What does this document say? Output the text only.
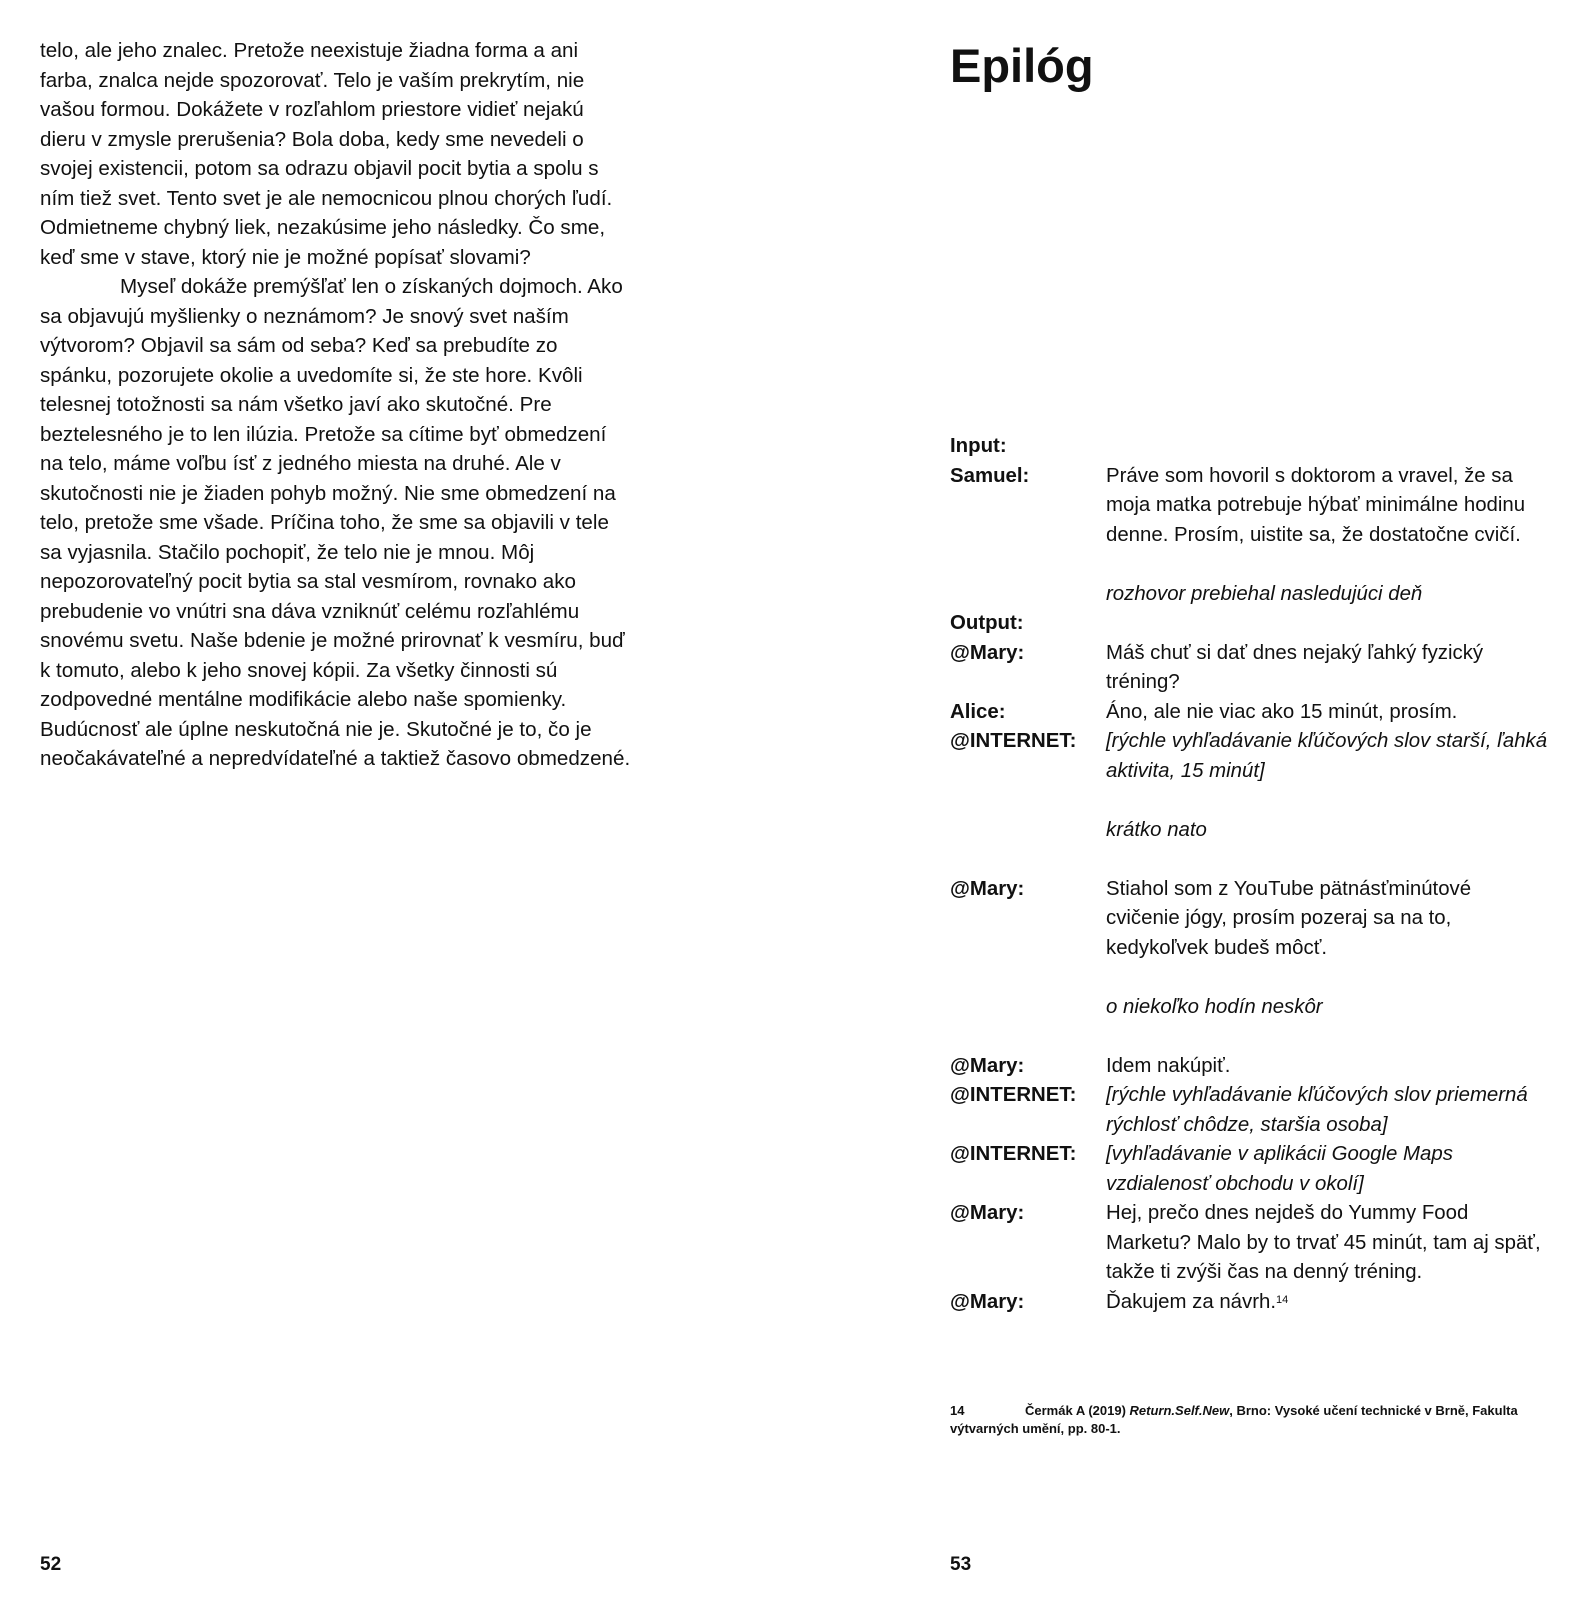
telo, ale jeho znalec. Pretože neexistuje žiadna forma a ani farba, znalca nejde spozorovať. Telo je vaším prekrytím, nie vašou formou. Dokážete v rozľahlom priestore vidieť nejakú dieru v zmysle prerušenia? Bola doba, kedy sme nevedeli o svojej existencii, potom sa odrazu objavil pocit bytia a spolu s ním tiež svet. Tento svet je ale nemocnicou plnou chorých ľudí. Odmietneme chybný liek, nezakúsime jeho následky. Čo sme, keď sme v stave, ktorý nie je možné popísať slovami?

Myseľ dokáže premýšľať len o získaných dojmoch. Ako sa objavujú myšlienky o neznámom? Je snový svet naším výtvorom? Objavil sa sám od seba? Keď sa prebudíte zo spánku, pozorujete okolie a uvedomíte si, že ste hore. Kvôli telesnej totožnosti sa nám všetko javí ako skutočné. Pre beztelesného je to len ilúzia. Pretože sa cítime byť obmedzení na telo, máme voľbu ísť z jedného miesta na druhé. Ale v skutočnosti nie je žiaden pohyb možný. Nie sme obmedzení na telo, pretože sme všade. Príčina toho, že sme sa objavili v tele sa vyjasnila. Stačilo pochopiť, že telo nie je mnou. Môj nepozorovateľný pocit bytia sa stal vesmírom, rovnako ako prebudenie vo vnútri sna dáva vzniknúť celému rozľahlému snovému svetu. Naše bdenie je možné prirovnať k vesmíru, buď k tomuto, alebo k jeho snovej kópii. Za všetky činnosti sú zodpovedné mentálne modifikácie alebo naše spomienky. Budúcnosť ale úplne neskutočná nie je. Skutočné je to, čo je neočakávateľné a nepredvídateľné a taktiež časovo obmedzené.

52
Epilóg
Input:
Samuel:	Práve som hovoril s doktorom a vravel, že sa moja matka potrebuje hýbať minimálne hodinu denne. Prosím, uistite sa, že dostatočne cvičí.
rozhovor prebiehal nasledujúci deň
Output:
@Mary:	Máš chuť si dať dnes nejaký ľahký fyzický tréning?
Alice:	Áno, ale nie viac ako 15 minút, prosím.
@INTERNET:	[rýchle vyhľadávanie kľúčových slov starší, ľahká aktivita, 15 minút]
krátko nato
@Mary:	Stiahol som z YouTube pätnásťminútové cvičenie jógy, prosím pozeraj sa na to, kedykoľvek budeš môcť.
o niekoľko hodín neskôr
@Mary:	Idem nakúpiť.
@INTERNET:	[rýchle vyhľadávanie kľúčových slov priemerná rýchlosť chôdze, staršia osoba]
@INTERNET:	[vyhľadávanie v aplikácii Google Maps vzdialenosť obchodu v okolí]
@Mary:	Hej, prečo dnes nejdeš do Yummy Food Marketu? Malo by to trvať 45 minút, tam aj späť, takže ti zvýši čas na denný tréning.
@Mary:	Ďakujem za návrh.$^{14}$
14	Čermák A (2019) Return.Self.New, Brno: Vysoké učení technické v Brně, Fakulta výtvarných umění, pp. 80-1.
53
